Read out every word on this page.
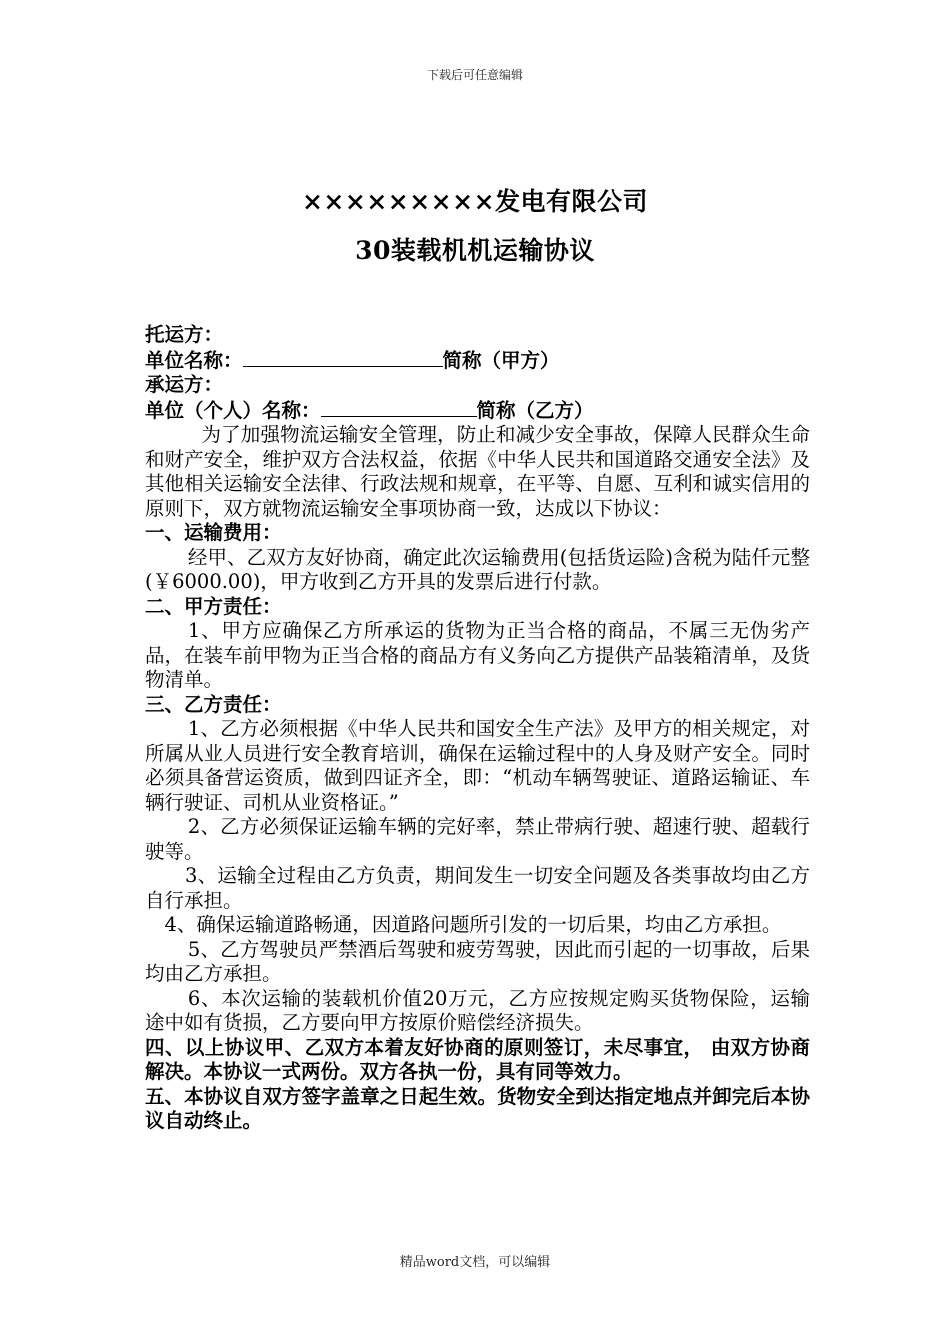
下载后可任意编辑
×××××××××发电有限公司
30装载机机运输协议

托运方：

单位名称：	简称（甲方）

承运方：

单位（个人）名称：	简称（乙方）

为了加强物流运输安全管理，防止和减少安全事故，保障人民群众生命和财产安全，维护双方合法权益，依据《中华人民共和国道路交通安全法》及其他相关运输安全法律、行政法规和规章，在平等、自愿、互利和诚实信用的原则下，双方就物流运输安全事项协商一致，达成以下协议：

一、运输费用：

经甲、乙双方友好协商，确定此次运输费用(包括货运险)含税为陆仟元整(￥6000.00)，甲方收到乙方开具的发票后进行付款。

二、甲方责任：

1、甲方应确保乙方所承运的货物为正当合格的商品，不属三无伪劣产品，在装车前甲物为正当合格的商品方有义务向乙方提供产品装箱清单，及货物清单。

三、乙方责任：

1、乙方必须根据《中华人民共和国安全生产法》及甲方的相关规定，对所属从业人员进行安全教育培训，确保在运输过程中的人身及财产安全。同时必须具备营运资质，做到四证齐全，即：“机动车辆驾驶证、道路运输证、车辆行驶证、司机从业资格证。”

2、乙方必须保证运输车辆的完好率，禁止带病行驶、超速行驶、超载行驶等。

3、运输全过程由乙方负责，期间发生一切安全问题及各类事故均由乙方自行承担。

4、确保运输道路畅通，因道路问题所引发的一切后果，均由乙方承担。

5、乙方驾驶员严禁酒后驾驶和疲劳驾驶，因此而引起的一切事故，后果均由乙方承担。

6、本次运输的装载机价值20万元，乙方应按规定购买货物保险，运输途中如有货损，乙方要向甲方按原价赔偿经济损失。

四、以上协议甲、乙双方本着友好协商的原则签订，未尽事宜， 由双方协商解决。本协议一式两份。双方各执一份，具有同等效力。

五、本协议自双方签字盖章之日起生效。货物安全到达指定地点并卸完后本协议自动终止。

精品word文档，可以编辑
